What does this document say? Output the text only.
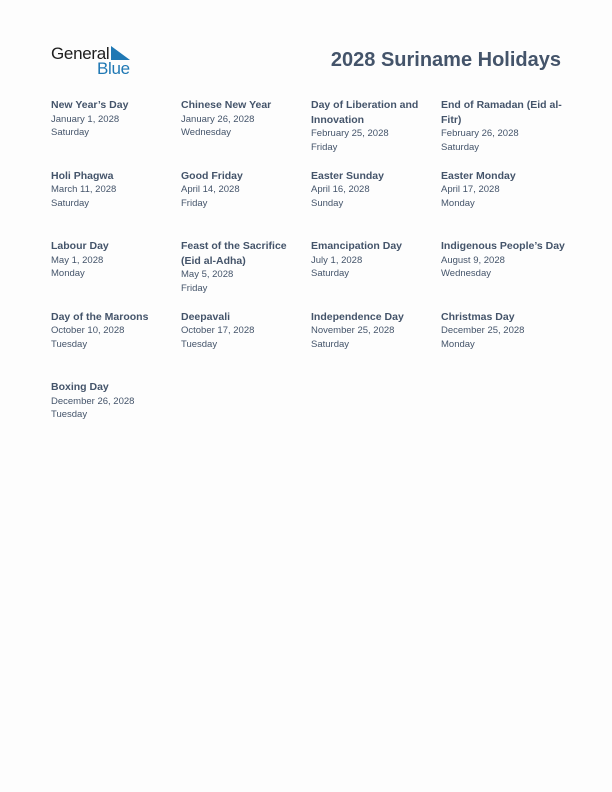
General
Blue	2028 Suriname Holidays
New Year’s Day
January 1, 2028
Saturday
Chinese New Year
January 26, 2028
Wednesday
Day of Liberation and Innovation
February 25, 2028
Friday
End of Ramadan (Eid al-Fitr)
February 26, 2028
Saturday
Holi Phagwa
March 11, 2028
Saturday
Good Friday
April 14, 2028
Friday
Easter Sunday
April 16, 2028
Sunday
Easter Monday
April 17, 2028
Monday
Labour Day
May 1, 2028
Monday
Feast of the Sacrifice (Eid al-Adha)
May 5, 2028
Friday
Emancipation Day
July 1, 2028
Saturday
Indigenous People’s Day
August 9, 2028
Wednesday
Day of the Maroons
October 10, 2028
Tuesday
Deepavali
October 17, 2028
Tuesday
Independence Day
November 25, 2028
Saturday
Christmas Day
December 25, 2028
Monday
Boxing Day
December 26, 2028
Tuesday
